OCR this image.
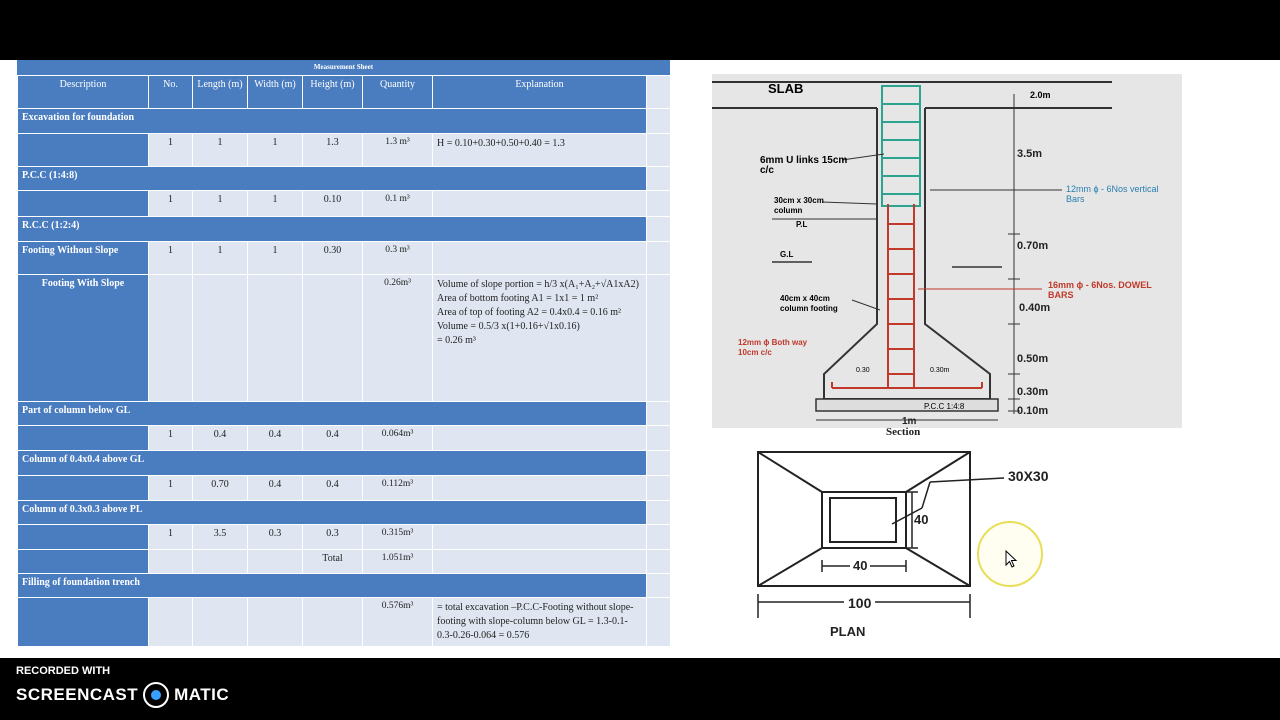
Measurement Sheet
Description	No.	Length (m)	Width (m)	Height (m)	Quantity	Explanation	
Excavation for foundation							
	1	1	1	1.3	1.3 m³	H = 0.10+0.30+0.50+0.40 = 1.3	
P.C.C (1:4:8)							
	1	1	1	0.10	0.1 m³		
R.C.C (1:2:4)							
Footing Without Slope	1	1	1	0.30	0.3 m³		
Footing With Slope					0.26m³	Volume of slope portion = h/3 x(A₁+A₂+√A1xA2)
Area of bottom footing A1 = 1x1 = 1 m²
Area of top of footing A2 = 0.4x0.4 = 0.16 m²
Volume = 0.5/3 x(1+0.16+√1x0.16)
= 0.26 m³	

Part of column below GL							
	1	0.4	0.4	0.4	0.064m³		
Column of 0.4x0.4 above GL							
	1	0.70	0.4	0.4	0.112m³		
Column of 0.3x0.3 above PL							
	1	3.5	0.3	0.3	0.315m³		
				Total	1.051m³		
Filling of foundation trench							
					0.576m³	= total excavation –P.C.C-Footing without slope-footing with slope-column below GL = 1.3-0.1-0.3-0.26-0.064 = 0.576	
SLAB	2.0m
6mm U links 15cm c/c
30cm x 30cm column
P.L
G.L
40cm x 40cm column footing
12mm ϕ Both way 10cm c/c
12mm ϕ - 6Nos vertical Bars
16mm ϕ - 6Nos. DOWEL BARS
0.30	0.30m
P.C.C 1:4:8
3.5m
0.70m
0.40m
0.50m
0.30m
0.10m
1m
Section
30X30
40
40
100
PLAN
RECORDED WITH
SCREENCAST MATIC
